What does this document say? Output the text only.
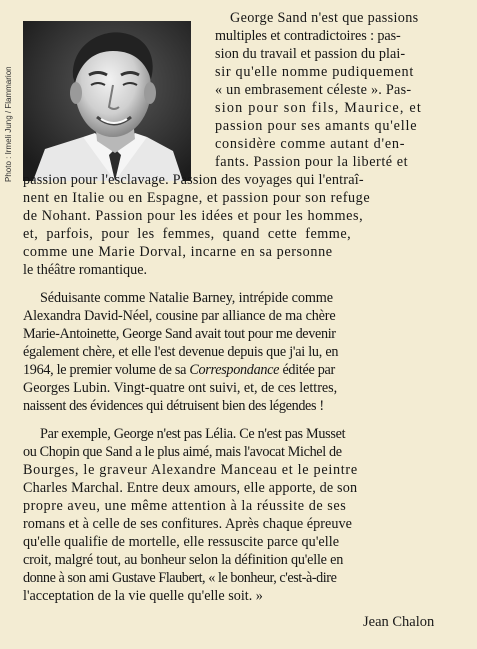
Photo : Irmeli Jung / Flammarion
George Sand n'est que passions
multiples et contradictoires : pas-
sion du travail et passion du plai-
sir qu'elle nomme pudiquement
« un embrasement céleste ». Pas-
sion pour son fils, Maurice, et
passion pour ses amants qu'elle
considère comme autant d'en-
fants. Passion pour la liberté et
passion pour l'esclavage. Passion des voyages qui l'entraî-
nent en Italie ou en Espagne, et passion pour son refuge
de Nohant. Passion pour les idées et pour les hommes,
et, parfois, pour les femmes, quand cette femme,
comme une Marie Dorval, incarne en sa personne
le théâtre romantique.
Séduisante comme Natalie Barney, intrépide comme
Alexandra David-Néel, cousine par alliance de ma chère
Marie-Antoinette, George Sand avait tout pour me devenir
également chère, et elle l'est devenue depuis que j'ai lu, en
1964, le premier volume de sa Correspondance éditée par
Georges Lubin. Vingt-quatre ont suivi, et, de ces lettres,
naissent des évidences qui détruisent bien des légendes !
Par exemple, George n'est pas Lélia. Ce n'est pas Musset
ou Chopin que Sand a le plus aimé, mais l'avocat Michel de
Bourges, le graveur Alexandre Manceau et le peintre
Charles Marchal. Entre deux amours, elle apporte, de son
propre aveu, une même attention à la réussite de ses
romans et à celle de ses confitures. Après chaque épreuve
qu'elle qualifie de mortelle, elle ressuscite parce qu'elle
croit, malgré tout, au bonheur selon la définition qu'elle en
donne à son ami Gustave Flaubert, « le bonheur, c'est-à-dire
l'acceptation de la vie quelle qu'elle soit. »
Jean Chalon
